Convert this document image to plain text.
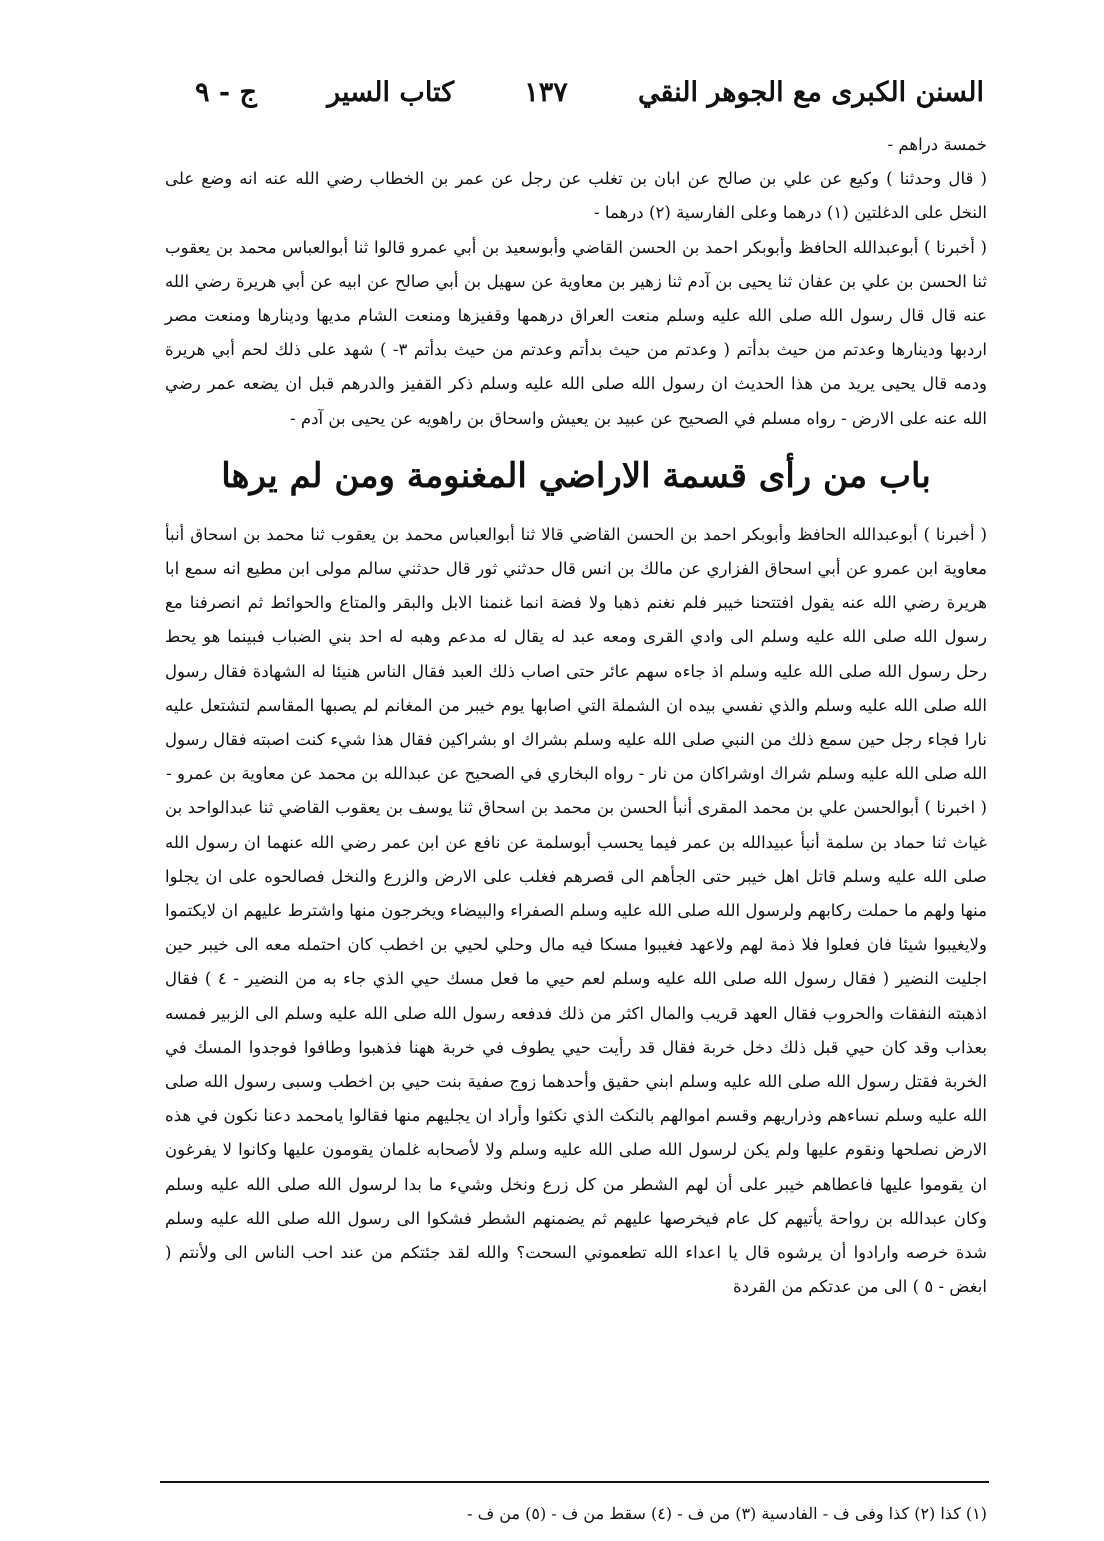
السنن الكبرى مع الجوهر النقي
١٣٧
كتاب السير
ج - ٩

خمسة دراهم -

( قال وحدثنا ) وكيع عن علي بن صالح عن ابان بن تغلب عن رجل عن عمر بن الخطاب رضي الله عنه انه وضع على النخل على الدغلتين (١) درهما وعلى الفارسية (٢) درهما -

( أخبرنا ) أبوعبدالله الحافظ وأبوبكر احمد بن الحسن القاضي وأبوسعيد بن أبي عمرو قالوا ثنا أبوالعباس محمد بن يعقوب ثنا الحسن بن علي بن عفان ثنا يحيى بن آدم ثنا زهير بن معاوية عن سهيل بن أبي صالح عن ابيه عن أبي هريرة رضي الله عنه قال قال رسول الله صلى الله عليه وسلم منعت العراق درهمها وقفيزها ومنعت الشام مديها ودينارها ومنعت مصر اردبها ودينارها وعدتم من حيث بدأتم ( وعدتم من حيث بدأتم وعدتم من حيث بدأتم ٣- ) شهد على ذلك لحم أبي هريرة ودمه قال يحيى يريد من هذا الحديث ان رسول الله صلى الله عليه وسلم ذكر القفيز والدرهم قبل ان يضعه عمر رضي الله عنه على الارض - رواه مسلم في الصحيح عن عبيد بن يعيش واسحاق بن راهويه عن يحيى بن آدم -

باب من رأى قسمة الاراضي المغنومة ومن لم يرها

( أخبرنا ) أبوعبدالله الحافظ وأبوبكر احمد بن الحسن القاضي قالا ثنا أبوالعباس محمد بن يعقوب ثنا محمد بن اسحاق أنبأ معاوية ابن عمرو عن أبي اسحاق الفزاري عن مالك بن انس قال حدثني ثور قال حدثني سالم مولى ابن مطيع انه سمع ابا هريرة رضي الله عنه يقول افتتحنا خيبر فلم نغنم ذهبا ولا فضة انما غنمنا الابل والبقر والمتاع والحوائط ثم انصرفنا مع رسول الله صلى الله عليه وسلم الى وادي القرى ومعه عبد له يقال له مدعم وهبه له احد بني الضباب فبينما هو يحط رحل رسول الله صلى الله عليه وسلم اذ جاءه سهم عائر حتى اصاب ذلك العبد فقال الناس هنيئا له الشهادة فقال رسول الله صلى الله عليه وسلم والذي نفسي بيده ان الشملة التي اصابها يوم خيبر من المغانم لم يصبها المقاسم لتشتعل عليه نارا فجاء رجل حين سمع ذلك من النبي صلى الله عليه وسلم بشراك او بشراكين فقال هذا شيء كنت اصبته فقال رسول الله صلى الله عليه وسلم شراك اوشراكان من نار - رواه البخاري في الصحيح عن عبدالله بن محمد عن معاوية بن عمرو -

( اخبرنا ) أبوالحسن علي بن محمد المقرى أنبأ الحسن بن محمد بن اسحاق ثنا يوسف بن يعقوب القاضي ثنا عبدالواحد بن غياث ثنا حماد بن سلمة أنبأ عبيدالله بن عمر فيما يحسب أبوسلمة عن نافع عن ابن عمر رضي الله عنهما ان رسول الله صلى الله عليه وسلم قاتل اهل خيبر حتى الجأهم الى قصرهم فغلب على الارض والزرع والنخل فصالحوه على ان يجلوا منها ولهم ما حملت ركابهم ولرسول الله صلى الله عليه وسلم الصفراء والبيضاء ويخرجون منها واشترط عليهم ان لايكتموا ولايغيبوا شيئا فان فعلوا فلا ذمة لهم ولاعهد فغيبوا مسكا فيه مال وحلي لحيي بن اخطب كان احتمله معه الى خيبر حين اجليت النضير ( فقال رسول الله صلى الله عليه وسلم لعم حيي ما فعل مسك حيي الذي جاء به من النضير - ٤ ) فقال اذهبته النفقات والحروب فقال العهد قريب والمال اكثر من ذلك فدفعه رسول الله صلى الله عليه وسلم الى الزبير فمسه بعذاب وقد كان حيي قبل ذلك دخل خربة فقال قد رأيت حيي يطوف في خربة ههنا فذهبوا وطافوا فوجدوا المسك في الخربة فقتل رسول الله صلى الله عليه وسلم ابني حقيق وأحدهما زوج صفية بنت حيي بن اخطب وسبى رسول الله صلى الله عليه وسلم نساءهم وذراريهم وقسم اموالهم بالنكث الذي نكثوا وأراد ان يجليهم منها فقالوا يامحمد دعنا نكون في هذه الارض نصلحها ونقوم عليها ولم يكن لرسول الله صلى الله عليه وسلم ولا لأصحابه غلمان يقومون عليها وكانوا لا يفرغون ان يقوموا عليها فاعطاهم خيبر على أن لهم الشطر من كل زرع ونخل وشيء ما بدا لرسول الله صلى الله عليه وسلم وكان عبدالله بن رواحة يأتيهم كل عام فيخرصها عليهم ثم يضمنهم الشطر فشكوا الى رسول الله صلى الله عليه وسلم شدة خرصه وارادوا أن يرشوه قال يا اعداء الله تطعموني السحت؟ والله لقد جئتكم من عند احب الناس الى ولأنتم ( ابغض - ٥ ) الى من عدتكم من القردة

(١) كذا (٢) كذا وفى ف - الفادسية (٣) من ف - (٤) سقط من ف - (٥) من ف -
